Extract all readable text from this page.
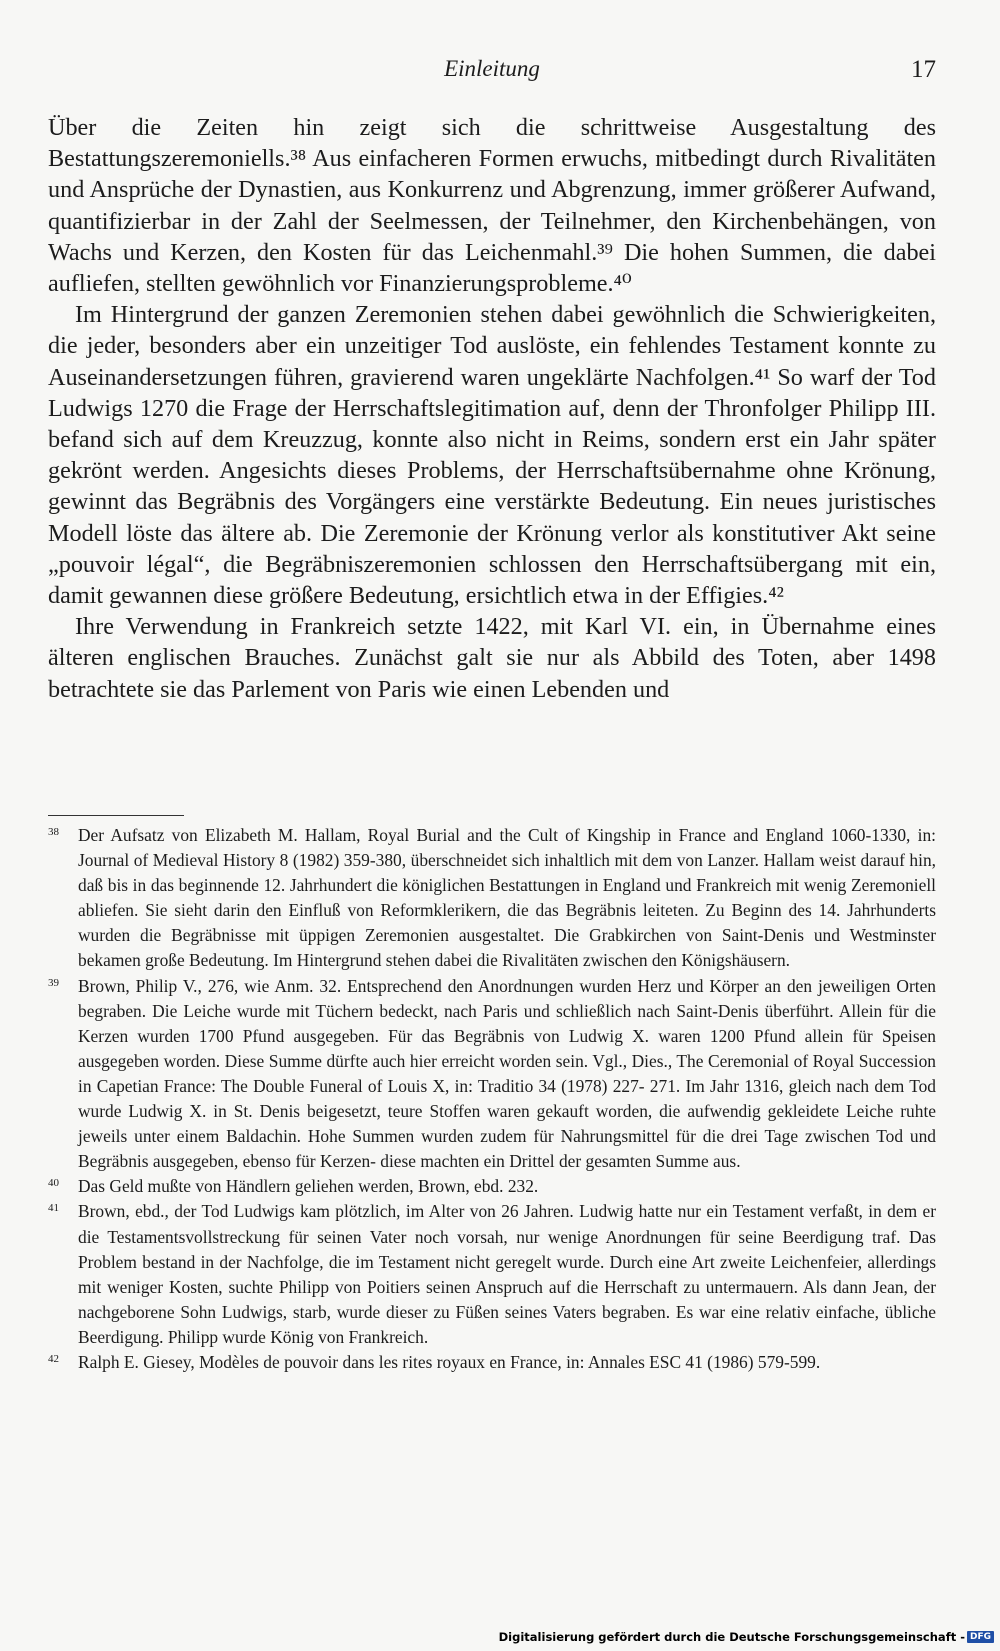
Einleitung	17

Über die Zeiten hin zeigt sich die schrittweise Ausgestaltung des Bestattungszeremoniells.³⁸ Aus einfacheren Formen erwuchs, mitbedingt durch Rivalitäten und Ansprüche der Dynastien, aus Konkurrenz und Abgrenzung, immer größerer Aufwand, quantifizierbar in der Zahl der Seelmessen, der Teilnehmer, den Kirchenbehängen, von Wachs und Kerzen, den Kosten für das Leichenmahl.³⁹ Die hohen Summen, die dabei aufliefen, stellten gewöhnlich vor Finanzierungsprobleme.⁴⁰

Im Hintergrund der ganzen Zeremonien stehen dabei gewöhnlich die Schwierigkeiten, die jeder, besonders aber ein unzeitiger Tod auslöste, ein fehlendes Testament konnte zu Auseinandersetzungen führen, gravierend waren ungeklärte Nachfolgen.⁴¹ So warf der Tod Ludwigs 1270 die Frage der Herrschaftslegitimation auf, denn der Thronfolger Philipp III. befand sich auf dem Kreuzzug, konnte also nicht in Reims, sondern erst ein Jahr später gekrönt werden. Angesichts dieses Problems, der Herrschaftsübernahme ohne Krönung, gewinnt das Begräbnis des Vorgängers eine verstärkte Bedeutung. Ein neues juristisches Modell löste das ältere ab. Die Zeremonie der Krönung verlor als konstitutiver Akt seine „pouvoir légal“, die Begräbniszeremonien schlossen den Herrschaftsübergang mit ein, damit gewannen diese größere Bedeutung, ersichtlich etwa in der Effigies.⁴²

Ihre Verwendung in Frankreich setzte 1422, mit Karl VI. ein, in Übernahme eines älteren englischen Brauches. Zunächst galt sie nur als Abbild des Toten, aber 1498 betrachtete sie das Parlement von Paris wie einen Lebenden und

38 Der Aufsatz von Elizabeth M. Hallam, Royal Burial and the Cult of Kingship in France and England 1060-1330, in: Journal of Medieval History 8 (1982) 359-380, überschneidet sich inhaltlich mit dem von Lanzer. Hallam weist darauf hin, daß bis in das beginnende 12. Jahrhundert die königlichen Bestattungen in England und Frankreich mit wenig Zeremoniell abliefen. Sie sieht darin den Einfluß von Reformklerikern, die das Begräbnis leiteten. Zu Beginn des 14. Jahrhunderts wurden die Begräbnisse mit üppigen Zeremonien ausgestaltet. Die Grabkirchen von Saint-Denis und Westminster bekamen große Bedeutung. Im Hintergrund stehen dabei die Rivalitäten zwischen den Königshäusern.
39 Brown, Philip V., 276, wie Anm. 32. Entsprechend den Anordnungen wurden Herz und Körper an den jeweiligen Orten begraben. Die Leiche wurde mit Tüchern bedeckt, nach Paris und schließlich nach Saint-Denis überführt. Allein für die Kerzen wurden 1700 Pfund ausgegeben. Für das Begräbnis von Ludwig X. waren 1200 Pfund allein für Speisen ausgegeben worden. Diese Summe dürfte auch hier erreicht worden sein. Vgl., Dies., The Ceremonial of Royal Succession in Capetian France: The Double Funeral of Louis X, in: Traditio 34 (1978) 227- 271. Im Jahr 1316, gleich nach dem Tod wurde Ludwig X. in St. Denis beigesetzt, teure Stoffen waren gekauft worden, die aufwendig gekleidete Leiche ruhte jeweils unter einem Baldachin. Hohe Summen wurden zudem für Nahrungsmittel für die drei Tage zwischen Tod und Begräbnis ausgegeben, ebenso für Kerzen- diese machten ein Drittel der gesamten Summe aus.
40 Das Geld mußte von Händlern geliehen werden, Brown, ebd. 232.
41 Brown, ebd., der Tod Ludwigs kam plötzlich, im Alter von 26 Jahren. Ludwig hatte nur ein Testament verfaßt, in dem er die Testamentsvollstreckung für seinen Vater noch vorsah, nur wenige Anordnungen für seine Beerdigung traf. Das Problem bestand in der Nachfolge, die im Testament nicht geregelt wurde. Durch eine Art zweite Leichenfeier, allerdings mit weniger Kosten, suchte Philipp von Poitiers seinen Anspruch auf die Herrschaft zu untermauern. Als dann Jean, der nachgeborene Sohn Ludwigs, starb, wurde dieser zu Füßen seines Vaters begraben. Es war eine relativ einfache, übliche Beerdigung. Philipp wurde König von Frankreich.
42 Ralph E. Giesey, Modèles de pouvoir dans les rites royaux en France, in: Annales ESC 41 (1986) 579-599.
Digitalisierung gefördert durch die Deutsche Forschungsgemeinschaft - DFG
